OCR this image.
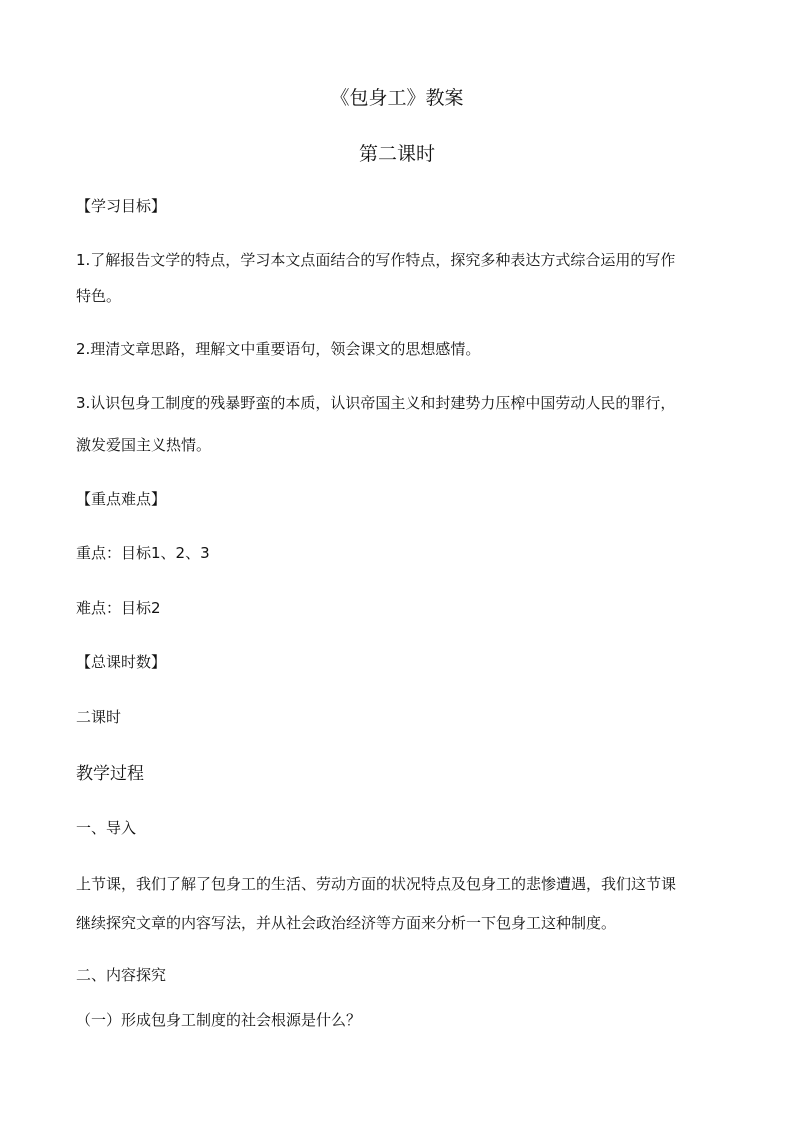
《包身工》教案
第二课时
【学习目标】
1.了解报告文学的特点，学习本文点面结合的写作特点，探究多种表达方式综合运用的写作
特色。
2.理清文章思路，理解文中重要语句，领会课文的思想感情。
3.认识包身工制度的残暴野蛮的本质，认识帝国主义和封建势力压榨中国劳动人民的罪行，
激发爱国主义热情。
【重点难点】
重点：目标1、2、3
难点：目标2
【总课时数】
二课时
教学过程
一、导入
上节课，我们了解了包身工的生活、劳动方面的状况特点及包身工的悲惨遭遇，我们这节课
继续探究文章的内容写法，并从社会政治经济等方面来分析一下包身工这种制度。
二、内容探究
（一）形成包身工制度的社会根源是什么？
